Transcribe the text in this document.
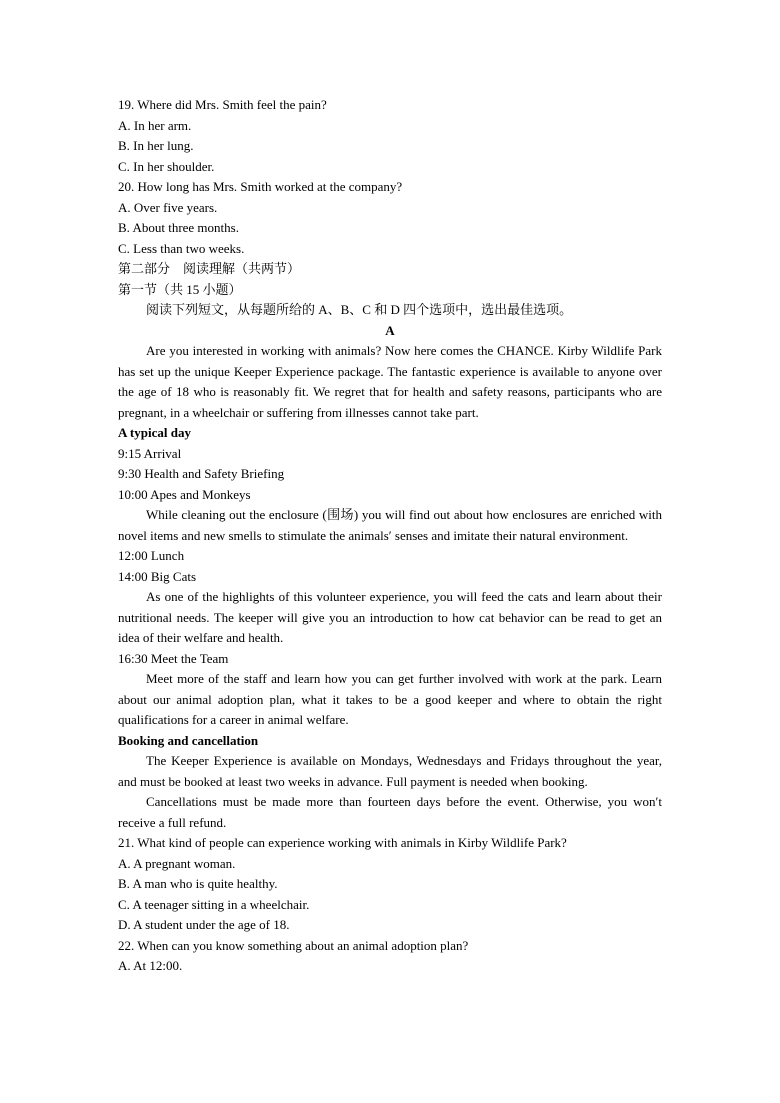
19. Where did Mrs. Smith feel the pain?
A. In her arm.
B. In her lung.
C. In her shoulder.
20. How long has Mrs. Smith worked at the company?
A. Over five years.
B. About three months.
C. Less than two weeks.
第二部分　阅读理解（共两节）
第一节（共 15 小题）
阅读下列短文，从每题所给的 A、B、C 和 D 四个选项中，选出最佳选项。
A
Are you interested in working with animals? Now here comes the CHANCE. Kirby Wildlife Park has set up the unique Keeper Experience package. The fantastic experience is available to anyone over the age of 18 who is reasonably fit. We regret that for health and safety reasons, participants who are pregnant, in a wheelchair or suffering from illnesses cannot take part.
A typical day
9:15 Arrival
9:30 Health and Safety Briefing
10:00 Apes and Monkeys
While cleaning out the enclosure (围场) you will find out about how enclosures are enriched with novel items and new smells to stimulate the animals′ senses and imitate their natural environment.
12:00 Lunch
14:00 Big Cats
As one of the highlights of this volunteer experience, you will feed the cats and learn about their nutritional needs. The keeper will give you an introduction to how cat behavior can be read to get an idea of their welfare and health.
16:30 Meet the Team
Meet more of the staff and learn how you can get further involved with work at the park. Learn about our animal adoption plan, what it takes to be a good keeper and where to obtain the right qualifications for a career in animal welfare.
Booking and cancellation
The Keeper Experience is available on Mondays, Wednesdays and Fridays throughout the year, and must be booked at least two weeks in advance. Full payment is needed when booking.
Cancellations must be made more than fourteen days before the event. Otherwise, you won′t receive a full refund.
21. What kind of people can experience working with animals in Kirby Wildlife Park?
A. A pregnant woman.
B. A man who is quite healthy.
C. A teenager sitting in a wheelchair.
D. A student under the age of 18.
22. When can you know something about an animal adoption plan?
A. At 12:00.
